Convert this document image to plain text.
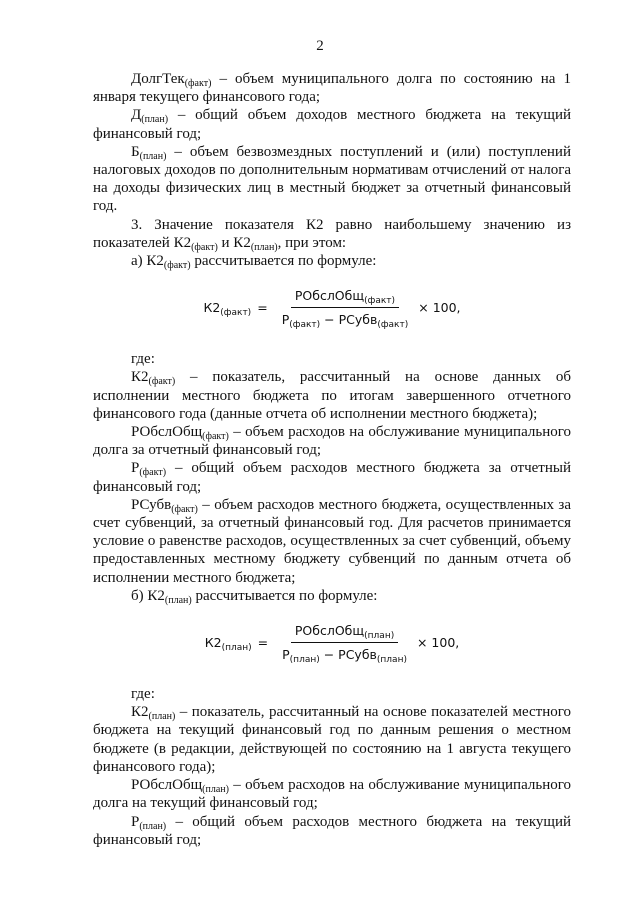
2

ДолгТек$_{(факт)}$ – объем муниципального долга по состоянию на 1 января текущего финансового года;

$Д_{(план)}$ – общий объем доходов местного бюджета на текущий финансовый год;

$Б_{(план)}$ – объем безвозмездных поступлений и (или) поступлений налоговых доходов по дополнительным нормативам отчислений от налога на доходы физических лиц в местный бюджет за отчетный финансовый год.

3. Значение показателя К2 равно наибольшему значению из показателей $К2_{(факт)}$ и $К2_{(план)}$, при этом:

а) $К2_{(факт)}$ рассчитывается по формуле:

$К2_{(факт)} = \frac{РОбслОбщ_{(факт)}}{Р_{(факт)} - РСубв_{(факт)}} \times 100$,

где:

$К2_{(факт)}$ – показатель, рассчитанный на основе данных об исполнении местного бюджета по итогам завершенного отчетного финансового года (данные отчета об исполнении местного бюджета);

РОбслОбщ$_{(факт)}$ – объем расходов на обслуживание муниципального долга за отчетный финансовый год;

$Р_{(факт)}$ – общий объем расходов местного бюджета за отчетный финансовый год;

РСубв$_{(факт)}$ – объем расходов местного бюджета, осуществленных за счет субвенций, за отчетный финансовый год. Для расчетов принимается условие о равенстве расходов, осуществленных за счет субвенций, объему предоставленных местному бюджету субвенций по данным отчета об исполнении местного бюджета;

б) $К2_{(план)}$ рассчитывается по формуле:

$К2_{(план)} = \frac{РОбслОбщ_{(план)}}{Р_{(план)} - РСубв_{(план)}} \times 100$,

где:

$К2_{(план)}$ – показатель, рассчитанный на основе показателей местного бюджета на текущий финансовый год по данным решения о местном бюджете (в редакции, действующей по состоянию на 1 августа текущего финансового года);

РОбслОбщ$_{(план)}$ – объем расходов на обслуживание муниципального долга на текущий финансовый год;

$Р_{(план)}$ – общий объем расходов местного бюджета на текущий финансовый год;
